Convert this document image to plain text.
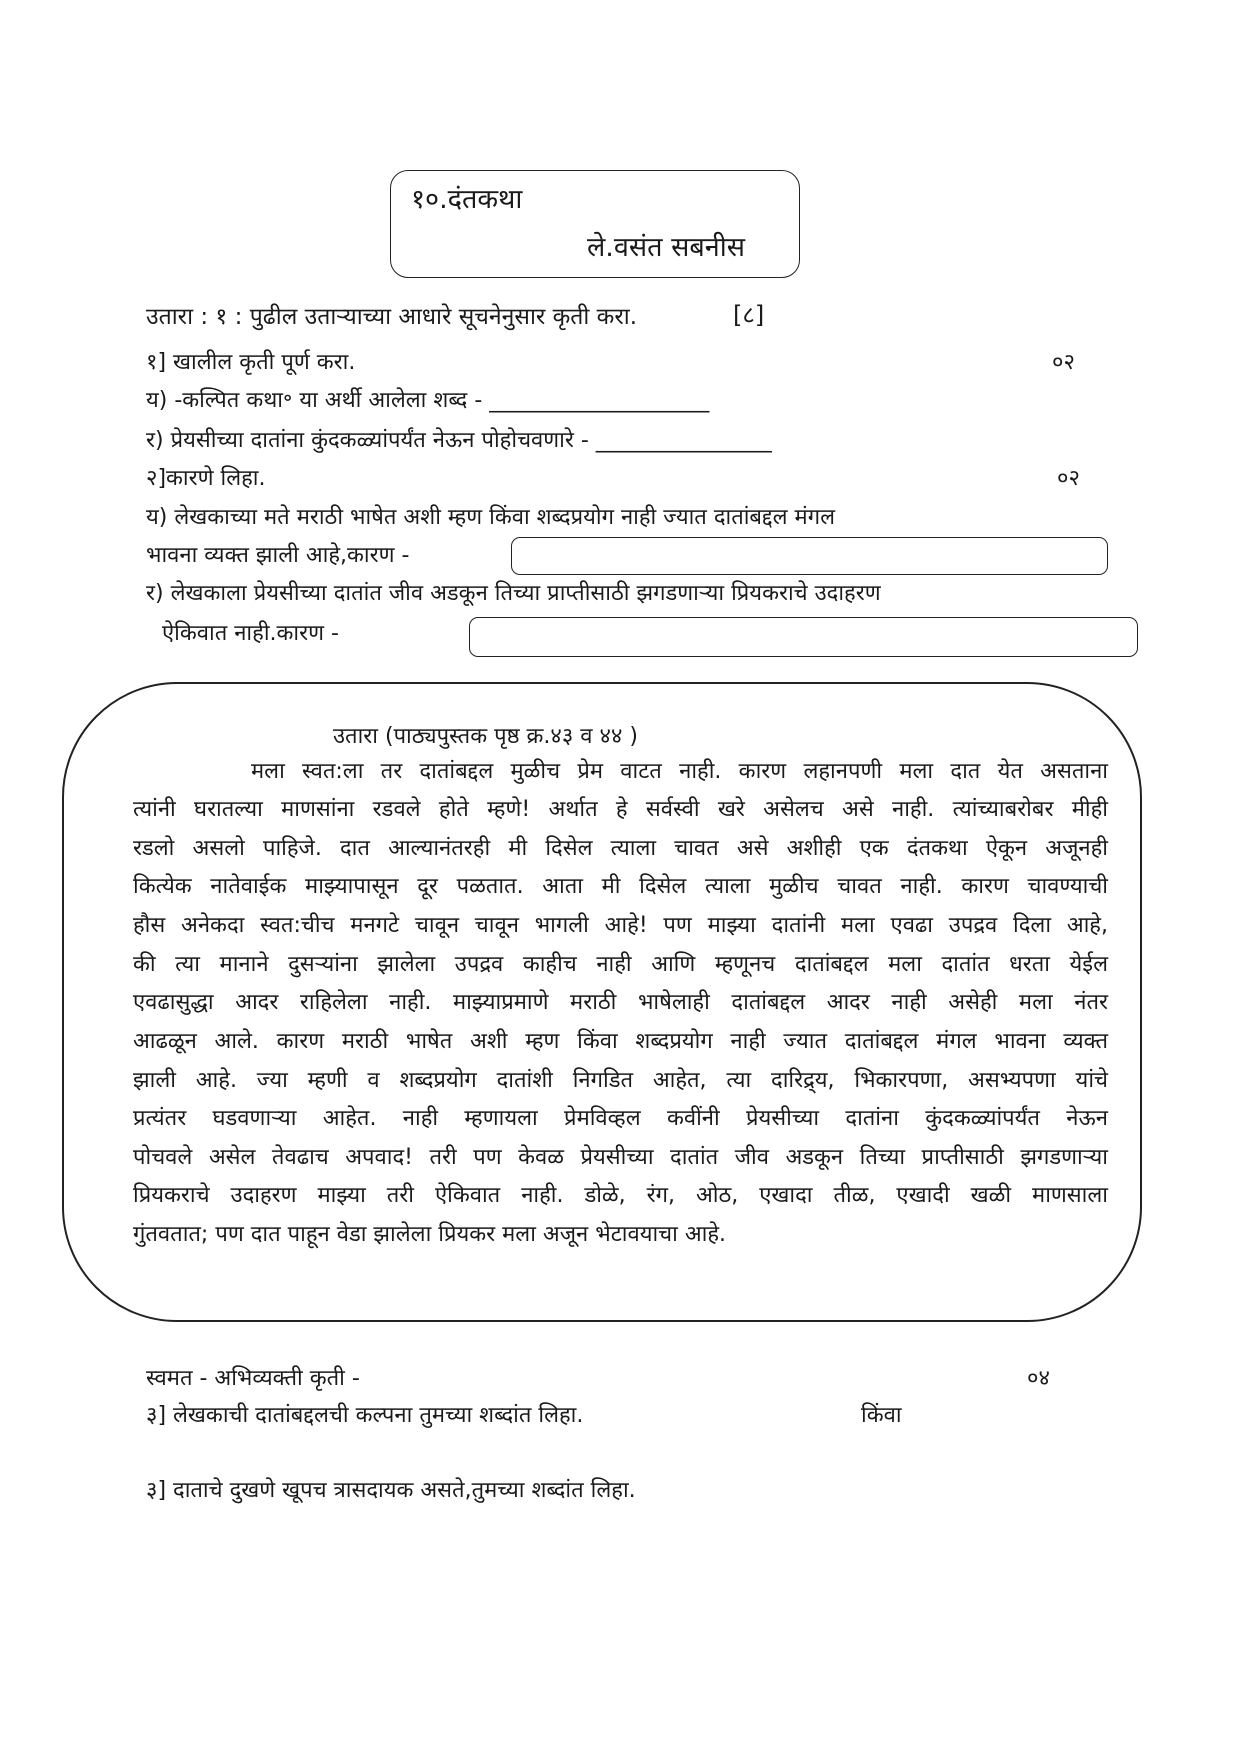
१०.दंतकथा
ले.वसंत सबनीस
उतारा : १ : पुढील उताऱ्याच्या आधारे सूचनेनुसार कृती करा.	[८]
१] खालील कृती पूर्ण करा.	०२
य) -कल्पित कथा॰ या अर्थी आलेला शब्द - ____________________
र) प्रेयसीच्या दातांना कुंदकळ्यांपर्यंत नेऊन पोहोचवणारे - ________________
२]कारणे लिहा.	०२
य) लेखकाच्या मते मराठी भाषेत अशी म्हण किंवा शब्दप्रयोग नाही ज्यात दातांबद्दल मंगल
भावना व्यक्त झाली आहे,कारण -
र) लेखकाला प्रेयसीच्या दातांत जीव अडकून तिच्या प्राप्तीसाठी झगडणाऱ्या प्रियकराचे उदाहरण
ऐकिवात नाही.कारण -
उतारा (पाठ्यपुस्तक पृष्ठ क्र.४३ व ४४ )
मला स्वत:ला तर दातांबद्दल मुळीच प्रेम वाटत नाही. कारण लहानपणी मला दात येत असताना
त्यांनी घरातल्या माणसांना रडवले होते म्हणे! अर्थात हे सर्वस्वी खरे असेलच असे नाही. त्यांच्याबरोबर मीही
रडलो असलो पाहिजे. दात आल्यानंतरही मी दिसेल त्याला चावत असे अशीही एक दंतकथा ऐकून अजूनही
कित्येक नातेवाईक माझ्यापासून दूर पळतात. आता मी दिसेल त्याला मुळीच चावत नाही. कारण चावण्याची
हौस अनेकदा स्वत:चीच मनगटे चावून चावून भागली आहे! पण माझ्या दातांनी मला एवढा उपद्रव दिला आहे,
की त्या मानाने दुसऱ्यांना झालेला उपद्रव काहीच नाही आणि म्हणूनच दातांबद्दल मला दातांत धरता येईल
एवढासुद्धा आदर राहिलेला नाही. माझ्याप्रमाणे मराठी भाषेलाही दातांबद्दल आदर नाही असेही मला नंतर
आढळून आले. कारण मराठी भाषेत अशी म्हण किंवा शब्दप्रयोग नाही ज्यात दातांबद्दल मंगल भावना व्यक्त
झाली आहे. ज्या म्हणी व शब्दप्रयोग दातांशी निगडित आहेत, त्या दारिद्र्य, भिकारपणा, असभ्यपणा यांचे
प्रत्यंतर घडवणाऱ्या आहेत. नाही म्हणायला प्रेमविव्हल कवींनी प्रेयसीच्या दातांना कुंदकळ्यांपर्यंत नेऊन
पोचवले असेल तेवढाच अपवाद! तरी पण केवळ प्रेयसीच्या दातांत जीव अडकून तिच्या प्राप्तीसाठी झगडणाऱ्या
प्रियकराचे उदाहरण माझ्या तरी ऐकिवात नाही. डोळे, रंग, ओठ, एखादा तीळ, एखादी खळी माणसाला
गुंतवतात; पण दात पाहून वेडा झालेला प्रियकर मला अजून भेटावयाचा आहे.
स्वमत - अभिव्यक्ती कृती -	०४
३] लेखकाची दातांबद्दलची कल्पना तुमच्या शब्दांत लिहा.	किंवा
३] दाताचे दुखणे खूपच त्रासदायक असते,तुमच्या शब्दांत लिहा.
